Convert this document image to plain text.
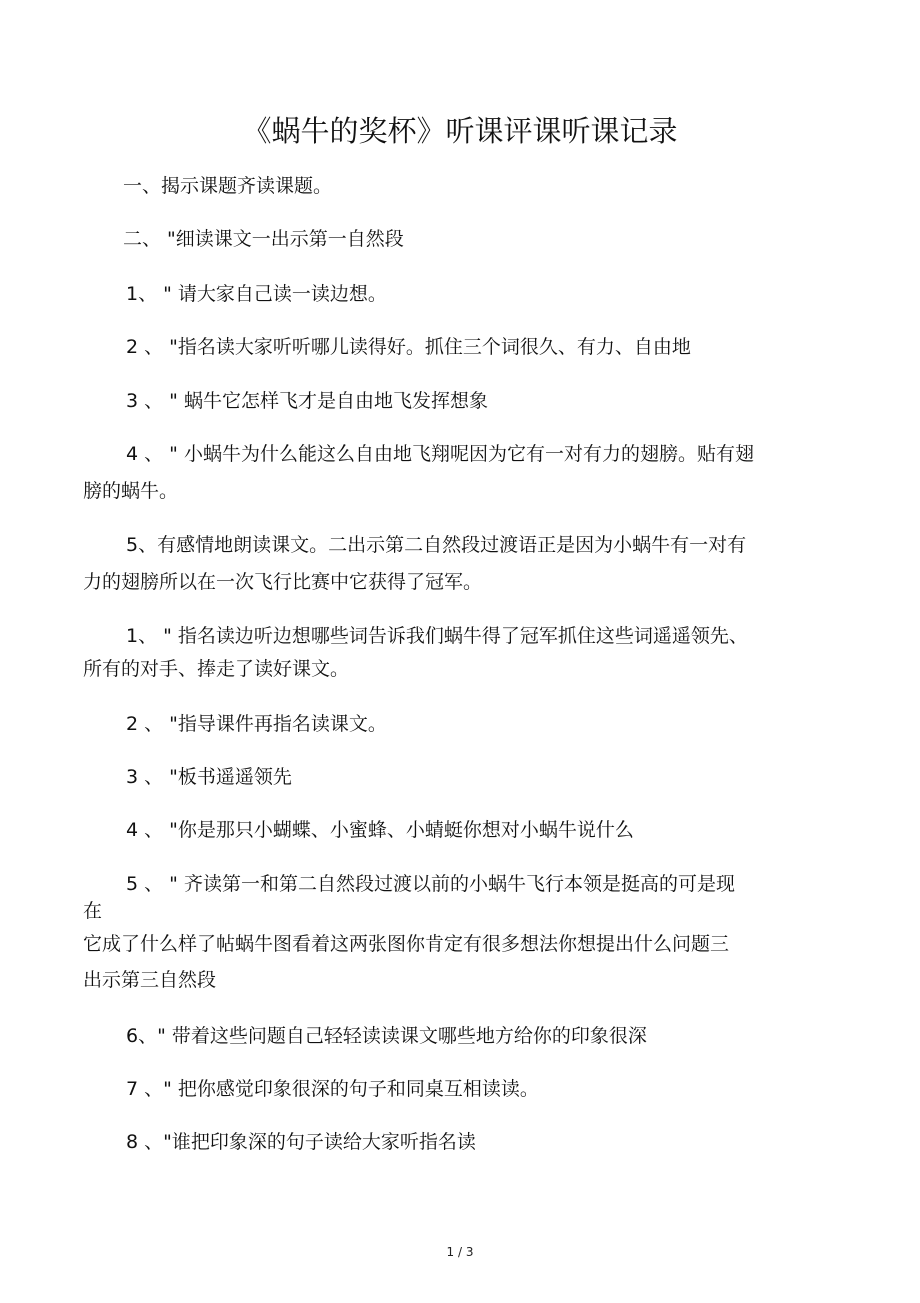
《蜗牛的奖杯》听课评课听课记录
一、揭示课题齐读课题。
二、 "细读课文一出示第一自然段
1、 " 请大家自己读一读边想。
2 、 "指名读大家听听哪儿读得好。抓住三个词很久、有力、自由地
3 、 " 蜗牛它怎样飞才是自由地飞发挥想象
4 、 " 小蜗牛为什么能这么自由地飞翔呢因为它有一对有力的翅膀。贴有翅
膀的蜗牛。
5、有感情地朗读课文。二出示第二自然段过渡语正是因为小蜗牛有一对有
力的翅膀所以在一次飞行比赛中它获得了冠军。
1、 " 指名读边听边想哪些词告诉我们蜗牛得了冠军抓住这些词遥遥领先、
所有的对手、捧走了读好课文。
2 、 "指导课件再指名读课文。
3 、 "板书遥遥领先
4 、 "你是那只小蝴蝶、小蜜蜂、小蜻蜓你想对小蜗牛说什么
5 、 " 齐读第一和第二自然段过渡以前的小蜗牛飞行本领是挺高的可是现
在
它成了什么样了帖蜗牛图看着这两张图你肯定有很多想法你想提出什么问题三
出示第三自然段
6、" 带着这些问题自己轻轻读读课文哪些地方给你的印象很深
7 、" 把你感觉印象很深的句子和同桌互相读读。
8 、"谁把印象深的句子读给大家听指名读
1 / 3
